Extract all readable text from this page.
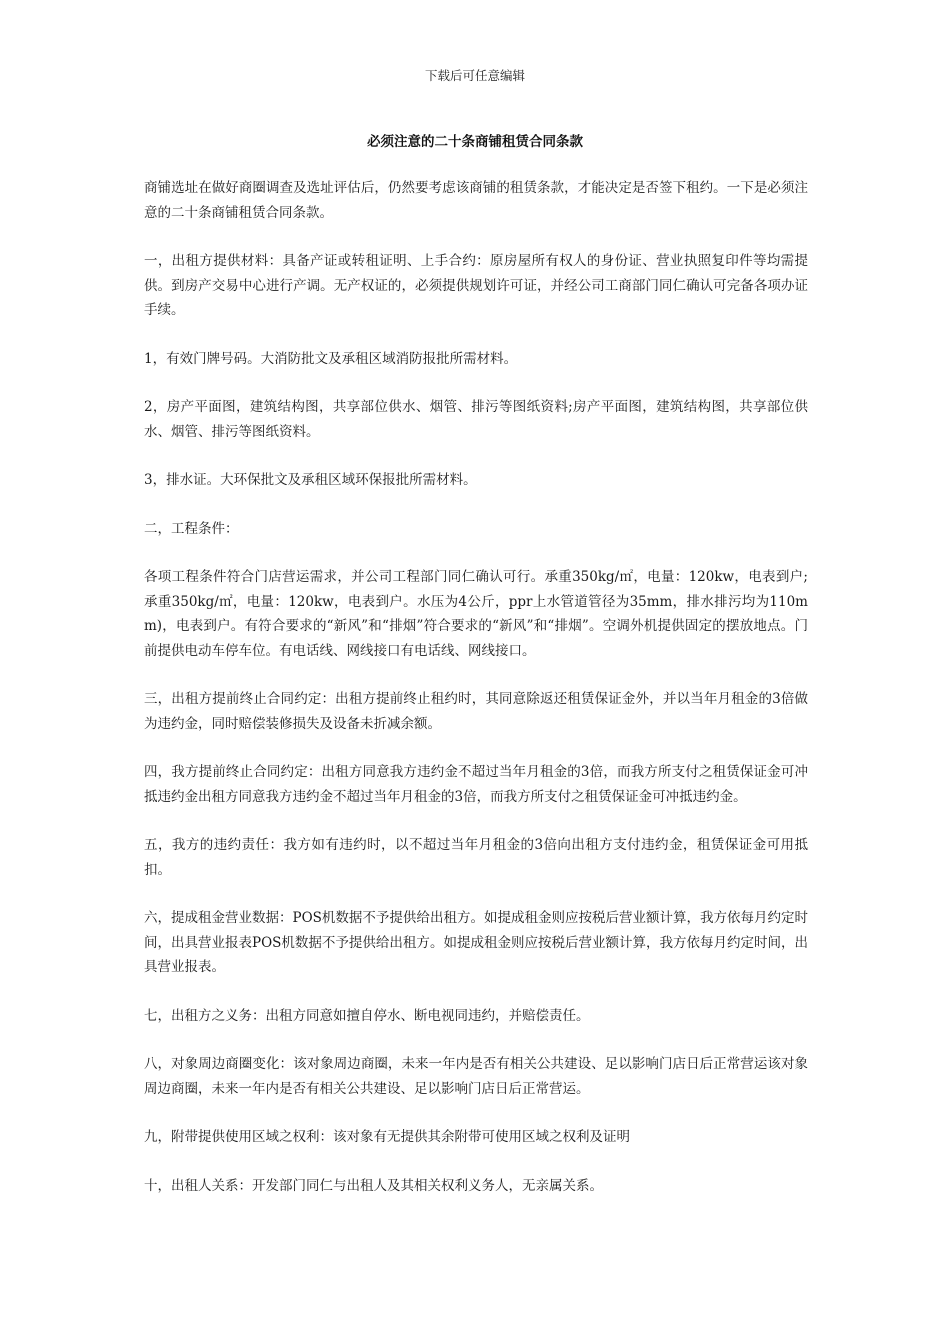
下载后可任意编辑
必须注意的二十条商铺租赁合同条款

商铺选址在做好商圈调查及选址评估后，仍然要考虑该商铺的租赁条款，才能决定是否签下租约。一下是必须注意的二十条商铺租赁合同条款。

一，出租方提供材料：具备产证或转租证明、上手合约：原房屋所有权人的身份证、营业执照复印件等均需提供。到房产交易中心进行产调。无产权证的，必须提供规划许可证，并经公司工商部门同仁确认可完备各项办证手续。

1，有效门牌号码。大消防批文及承租区域消防报批所需材料。

2，房产平面图，建筑结构图，共享部位供水、烟管、排污等图纸资料;房产平面图，建筑结构图，共享部位供水、烟管、排污等图纸资料。

3，排水证。大环保批文及承租区域环保报批所需材料。

二，工程条件：

各项工程条件符合门店营运需求，并公司工程部门同仁确认可行。承重350kg/㎡，电量：120kw，电表到户;承重350kg/㎡，电量：120kw，电表到户。水压为4公斤，ppr上水管道管径为35mm，排水排污均为110mm)，电表到户。有符合要求的“新风”和“排烟”符合要求的“新风”和“排烟”。空调外机提供固定的摆放地点。门前提供电动车停车位。有电话线、网线接口有电话线、网线接口。

三，出租方提前终止合同约定：出租方提前终止租约时，其同意除返还租赁保证金外，并以当年月租金的3倍做为违约金，同时赔偿装修损失及设备未折减余额。

四，我方提前终止合同约定：出租方同意我方违约金不超过当年月租金的3倍，而我方所支付之租赁保证金可冲抵违约金出租方同意我方违约金不超过当年月租金的3倍，而我方所支付之租赁保证金可冲抵违约金。

五，我方的违约责任：我方如有违约时，以不超过当年月租金的3倍向出租方支付违约金，租赁保证金可用抵扣。

六，提成租金营业数据：POS机数据不予提供给出租方。如提成租金则应按税后营业额计算，我方依每月约定时间，出具营业报表POS机数据不予提供给出租方。如提成租金则应按税后营业额计算，我方依每月约定时间，出具营业报表。

七，出租方之义务：出租方同意如擅自停水、断电视同违约，并赔偿责任。

八，对象周边商圈变化：该对象周边商圈，未来一年内是否有相关公共建设、足以影响门店日后正常营运该对象周边商圈，未来一年内是否有相关公共建设、足以影响门店日后正常营运。

九，附带提供使用区域之权利：该对象有无提供其余附带可使用区域之权利及证明

十，出租人关系：开发部门同仁与出租人及其相关权利义务人，无亲属关系。
